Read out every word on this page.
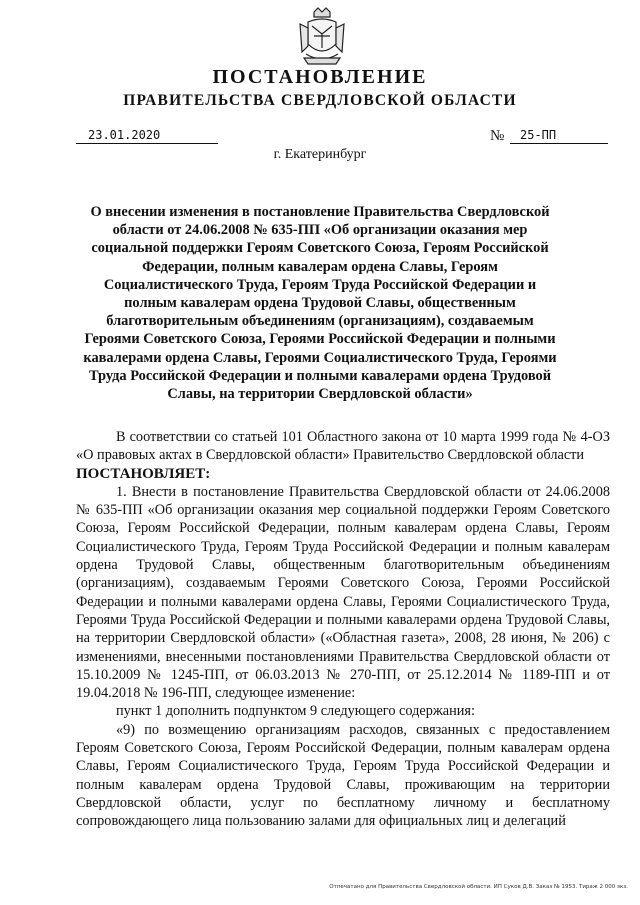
ПОСТАНОВЛЕНИЕ
ПРАВИТЕЛЬСТВА СВЕРДЛОВСКОЙ ОБЛАСТИ
23.01.2020	№	25-ПП
г. Екатеринбург
О внесении изменения в постановление Правительства Свердловской области от 24.06.2008 № 635-ПП «Об организации оказания мер социальной поддержки Героям Советского Союза, Героям Российской Федерации, полным кавалерам ордена Славы, Героям Социалистического Труда, Героям Труда Российской Федерации и полным кавалерам ордена Трудовой Славы, общественным благотворительным объединениям (организациям), создаваемым Героями Советского Союза, Героями Российской Федерации и полными кавалерами ордена Славы, Героями Социалистического Труда, Героями Труда Российской Федерации и полными кавалерами ордена Трудовой Славы, на территории Свердловской области»

В соответствии со статьей 101 Областного закона от 10 марта 1999 года № 4-ОЗ «О правовых актах в Свердловской области» Правительство Свердловской области

ПОСТАНОВЛЯЕТ:

1. Внести в постановление Правительства Свердловской области от 24.06.2008 № 635-ПП «Об организации оказания мер социальной поддержки Героям Советского Союза, Героям Российской Федерации, полным кавалерам ордена Славы, Героям Социалистического Труда, Героям Труда Российской Федерации и полным кавалерам ордена Трудовой Славы, общественным благотворительным объединениям (организациям), создаваемым Героями Советского Союза, Героями Российской Федерации и полными кавалерами ордена Славы, Героями Социалистического Труда, Героями Труда Российской Федерации и полными кавалерами ордена Трудовой Славы, на территории Свердловской области» («Областная газета», 2008, 28 июня, № 206) с изменениями, внесенными постановлениями Правительства Свердловской области от 15.10.2009 № 1245-ПП, от 06.03.2013 № 270-ПП, от 25.12.2014 № 1189-ПП и от 19.04.2018 № 196-ПП, следующее изменение:

пункт 1 дополнить подпунктом 9 следующего содержания:

«9) по возмещению организациям расходов, связанных с предоставлением Героям Советского Союза, Героям Российской Федерации, полным кавалерам ордена Славы, Героям Социалистического Труда, Героям Труда Российской Федерации и полным кавалерам ордена Трудовой Славы, проживающим на территории Свердловской области, услуг по бесплатному личному и бесплатному сопровождающего лица пользованию залами для официальных лиц и делегаций

Отпечатано для Правительства Свердловской области. ИП Суков Д.В. Заказ № 1953. Тираж 2 000 экз.
